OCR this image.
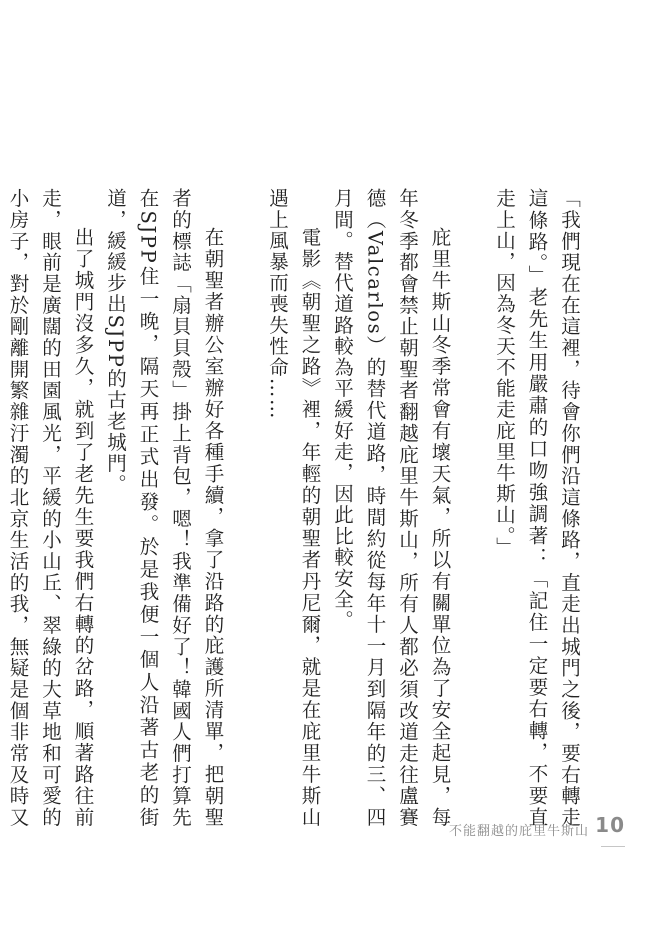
「我們現在在這裡，待會你們沿這條路，直走出城門之後，要右轉走這條路。」老先生用嚴肅的口吻強調著：「記住一定要右轉，不要直走上山，因為冬天不能走庇里牛斯山。」

庇里牛斯山冬季常會有壞天氣，所以有關單位為了安全起見，每年冬季都會禁止朝聖者翻越庇里牛斯山，所有人都必須改道走往盧賽德（Valcarlos）的替代道路，時間約從每年十一月到隔年的三、四月間。替代道路較為平緩好走，因此比較安全。

電影《朝聖之路》裡，年輕的朝聖者丹尼爾，就是在庇里牛斯山遇上風暴而喪失性命……

在朝聖者辦公室辦好各種手續，拿了沿路的庇護所清單，把朝聖者的標誌「扇貝貝殼」掛上背包，嗯！我準備好了！韓國人們打算先在SJPP住一晚，隔天再正式出發。於是我便一個人沿著古老的街道，緩緩步出SJPP的古老城門。

出了城門沒多久，就到了老先生要我們右轉的岔路，順著路往前走，眼前是廣闊的田園風光，平緩的小山丘、翠綠的大草地和可愛的小房子，對於剛離開繁雜汙濁的北京生活的我，無疑是個非常及時又

不能翻越的庇里牛斯山 10
